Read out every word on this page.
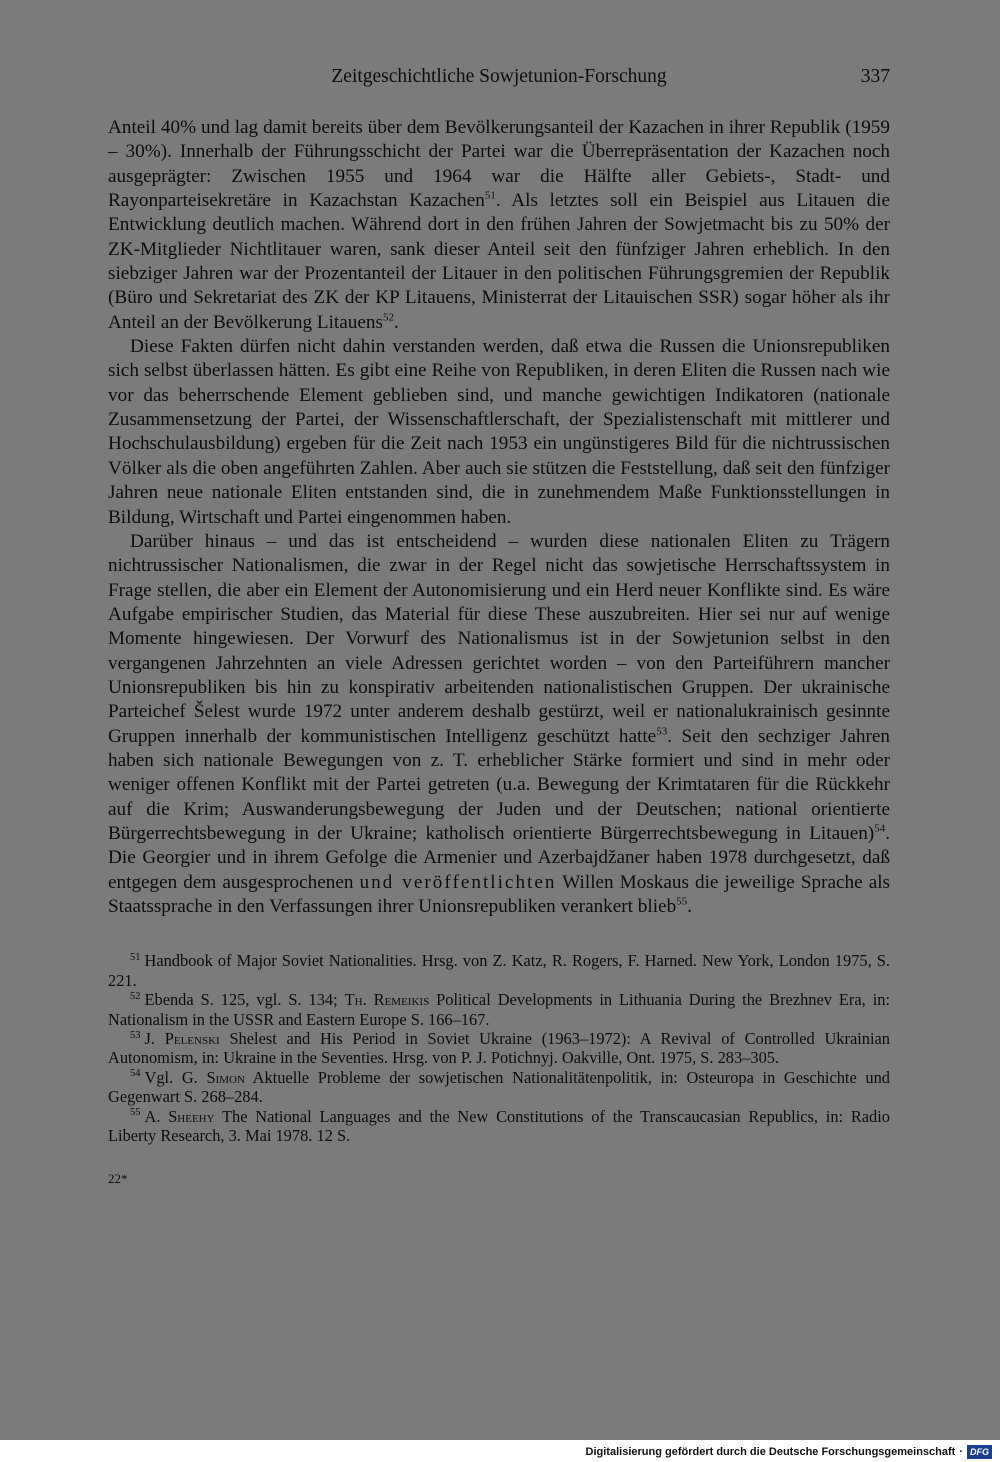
Zeitgeschichtliche Sowjetunion-Forschung	337

Anteil 40% und lag damit bereits über dem Bevölkerungsanteil der Kazachen in ihrer Republik (1959 – 30%). Innerhalb der Führungsschicht der Partei war die Überrepräsentation der Kazachen noch ausgeprägter: Zwischen 1955 und 1964 war die Hälfte aller Gebiets-, Stadt- und Rayonparteisekretäre in Kazachstan Kazachen$^{51}$. Als letztes soll ein Beispiel aus Litauen die Entwicklung deutlich machen. Während dort in den frühen Jahren der Sowjetmacht bis zu 50% der ZK-Mitglieder Nichtlitauer waren, sank dieser Anteil seit den fünfziger Jahren erheblich. In den siebziger Jahren war der Prozentanteil der Litauer in den politischen Führungsgremien der Republik (Büro und Sekretariat des ZK der KP Litauens, Ministerrat der Litauischen SSR) sogar höher als ihr Anteil an der Bevölkerung Litauens$^{52}$.

Diese Fakten dürfen nicht dahin verstanden werden, daß etwa die Russen die Unionsrepubliken sich selbst überlassen hätten. Es gibt eine Reihe von Republiken, in deren Eliten die Russen nach wie vor das beherrschende Element geblieben sind, und manche gewichtigen Indikatoren (nationale Zusammensetzung der Partei, der Wissenschaftlerschaft, der Spezialistenschaft mit mittlerer und Hochschulausbildung) ergeben für die Zeit nach 1953 ein ungünstigeres Bild für die nichtrussischen Völker als die oben angeführten Zahlen. Aber auch sie stützen die Feststellung, daß seit den fünfziger Jahren neue nationale Eliten entstanden sind, die in zunehmendem Maße Funktionsstellungen in Bildung, Wirtschaft und Partei eingenommen haben.

Darüber hinaus – und das ist entscheidend – wurden diese nationalen Eliten zu Trägern nichtrussischer Nationalismen, die zwar in der Regel nicht das sowjetische Herrschaftssystem in Frage stellen, die aber ein Element der Autonomisierung und ein Herd neuer Konflikte sind. Es wäre Aufgabe empirischer Studien, das Material für diese These auszubreiten. Hier sei nur auf wenige Momente hingewiesen. Der Vorwurf des Nationalismus ist in der Sowjetunion selbst in den vergangenen Jahrzehnten an viele Adressen gerichtet worden – von den Parteiführern mancher Unionsrepubliken bis hin zu konspirativ arbeitenden nationalistischen Gruppen. Der ukrainische Parteichef Šelest wurde 1972 unter anderem deshalb gestürzt, weil er nationalukrainisch gesinnte Gruppen innerhalb der kommunistischen Intelligenz geschützt hatte$^{53}$. Seit den sechziger Jahren haben sich nationale Bewegungen von z. T. erheblicher Stärke formiert und sind in mehr oder weniger offenen Konflikt mit der Partei getreten (u.a. Bewegung der Krimtataren für die Rückkehr auf die Krim; Auswanderungsbewegung der Juden und der Deutschen; national orientierte Bürgerrechtsbewegung in der Ukraine; katholisch orientierte Bürgerrechtsbewegung in Litauen)$^{54}$. Die Georgier und in ihrem Gefolge die Armenier und Azerbajdžaner haben 1978 durchgesetzt, daß entgegen dem ausgesprochenen und veröffentlichten Willen Moskaus die jeweilige Sprache als Staatssprache in den Verfassungen ihrer Unionsrepubliken verankert blieb$^{55}$.

$^{51}$ Handbook of Major Soviet Nationalities. Hrsg. von Z. Katz, R. Rogers, F. Harned. New York, London 1975, S. 221.

$^{52}$ Ebenda S. 125, vgl. S. 134; Th. Remeikis Political Developments in Lithuania During the Brezhnev Era, in: Nationalism in the USSR and Eastern Europe S. 166–167.

$^{53}$ J. Pelenski Shelest and His Period in Soviet Ukraine (1963–1972): A Revival of Controlled Ukrainian Autonomism, in: Ukraine in the Seventies. Hrsg. von P. J. Potichnyj. Oakville, Ont. 1975, S. 283–305.

$^{54}$ Vgl. G. Simon Aktuelle Probleme der sowjetischen Nationalitätenpolitik, in: Osteuropa in Geschichte und Gegenwart S. 268–284.

$^{55}$ A. Sheehy The National Languages and the New Constitutions of the Transcaucasian Republics, in: Radio Liberty Research, 3. Mai 1978. 12 S.

22*
Digitalisierung gefördert durch die Deutsche Forschungsgemeinschaft · DFG
